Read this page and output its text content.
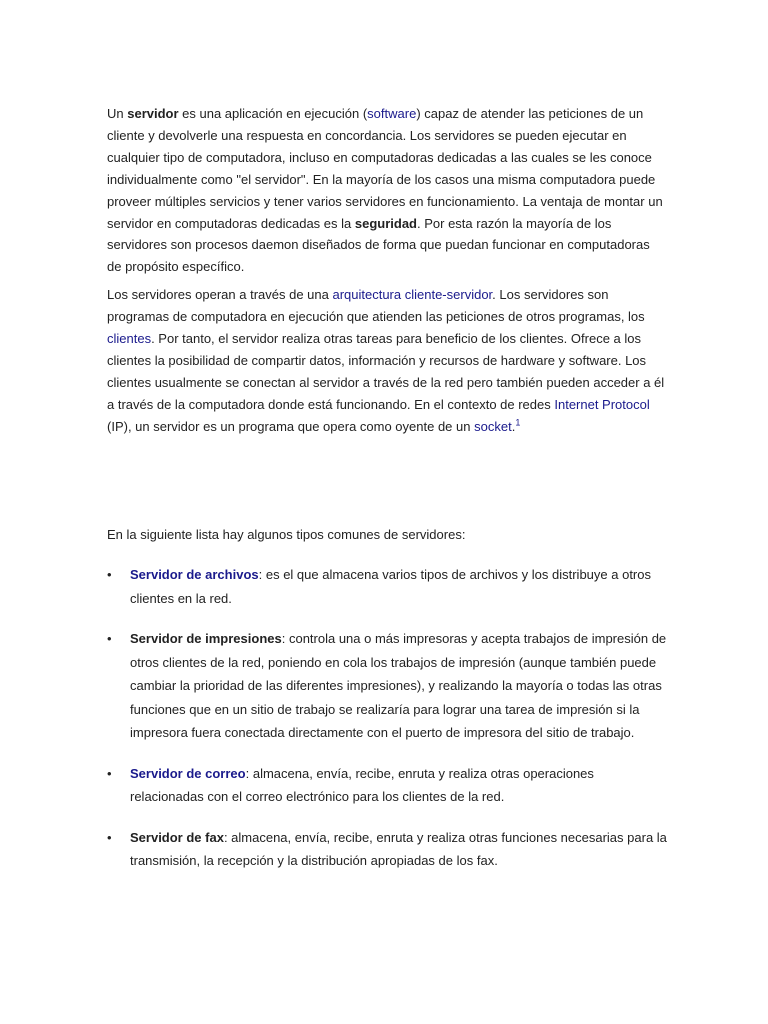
Un servidor es una aplicación en ejecución (software) capaz de atender las peticiones de un cliente y devolverle una respuesta en concordancia. Los servidores se pueden ejecutar en cualquier tipo de computadora, incluso en computadoras dedicadas a las cuales se les conoce individualmente como "el servidor". En la mayoría de los casos una misma computadora puede proveer múltiples servicios y tener varios servidores en funcionamiento. La ventaja de montar un servidor en computadoras dedicadas es la seguridad. Por esta razón la mayoría de los servidores son procesos daemon diseñados de forma que puedan funcionar en computadoras de propósito específico.

Los servidores operan a través de una arquitectura cliente-servidor. Los servidores son programas de computadora en ejecución que atienden las peticiones de otros programas, los clientes. Por tanto, el servidor realiza otras tareas para beneficio de los clientes. Ofrece a los clientes la posibilidad de compartir datos, información y recursos de hardware y software. Los clientes usualmente se conectan al servidor a través de la red pero también pueden acceder a él a través de la computadora donde está funcionando. En el contexto de redes Internet Protocol (IP), un servidor es un programa que opera como oyente de un socket.$^1$

En la siguiente lista hay algunos tipos comunes de servidores:

• Servidor de archivos: es el que almacena varios tipos de archivos y los distribuye a otros clientes en la red.
• Servidor de impresiones: controla una o más impresoras y acepta trabajos de impresión de otros clientes de la red, poniendo en cola los trabajos de impresión (aunque también puede cambiar la prioridad de las diferentes impresiones), y realizando la mayoría o todas las otras funciones que en un sitio de trabajo se realizaría para lograr una tarea de impresión si la impresora fuera conectada directamente con el puerto de impresora del sitio de trabajo.
• Servidor de correo: almacena, envía, recibe, enruta y realiza otras operaciones relacionadas con el correo electrónico para los clientes de la red.
• Servidor de fax: almacena, envía, recibe, enruta y realiza otras funciones necesarias para la transmisión, la recepción y la distribución apropiadas de los fax.
